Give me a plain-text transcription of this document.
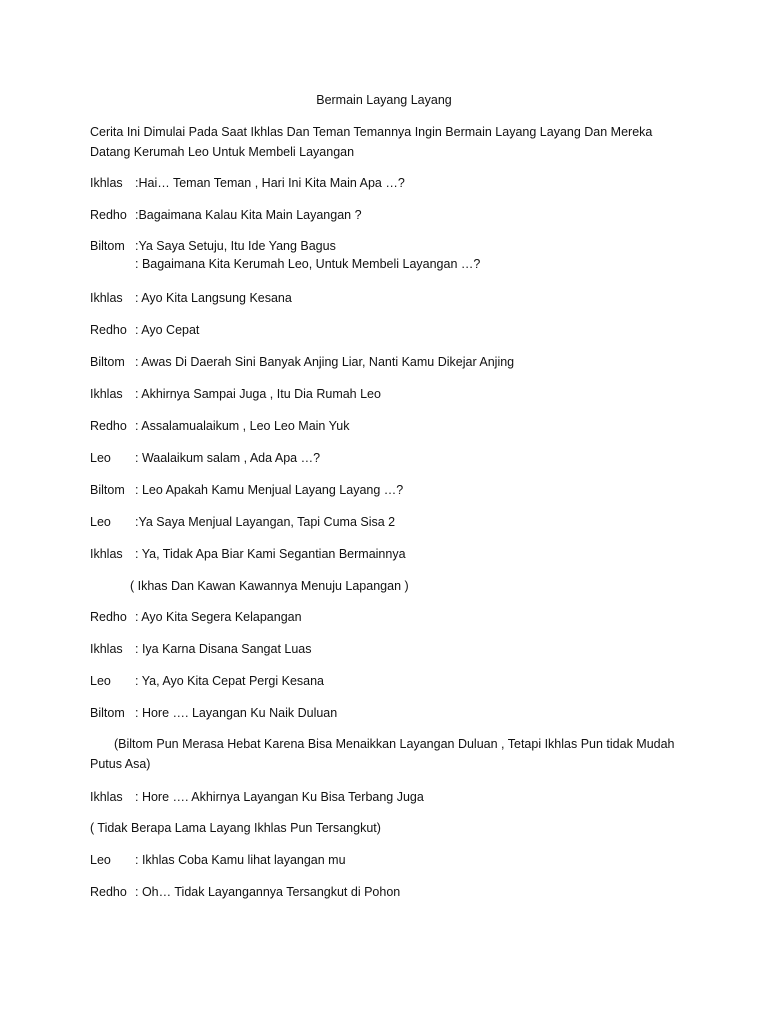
Bermain Layang Layang
Cerita Ini Dimulai Pada Saat Ikhlas Dan Teman Temannya Ingin Bermain Layang Layang Dan Mereka Datang Kerumah Leo Untuk Membeli Layangan
Ikhlas :Hai… Teman Teman , Hari Ini Kita Main Apa …?
Redho :Bagaimana Kalau Kita Main Layangan ?
Biltom :Ya Saya Setuju, Itu Ide Yang Bagus
: Bagaimana Kita Kerumah Leo, Untuk Membeli Layangan …?
Ikhlas : Ayo Kita Langsung Kesana
Redho : Ayo Cepat
Biltom : Awas Di Daerah Sini Banyak Anjing Liar, Nanti Kamu Dikejar Anjing
Ikhlas : Akhirnya Sampai Juga , Itu Dia Rumah Leo
Redho : Assalamualaikum , Leo Leo Main Yuk
Leo	: Waalaikum salam , Ada Apa …?
Biltom : Leo Apakah Kamu Menjual Layang Layang …?
Leo	:Ya Saya Menjual Layangan, Tapi Cuma Sisa 2
Ikhlas : Ya, Tidak Apa Biar Kami Segantian Bermainnya
( Ikhas Dan Kawan Kawannya Menuju Lapangan )
Redho : Ayo Kita Segera Kelapangan
Ikhlas : Iya Karna Disana Sangat Luas
Leo	: Ya, Ayo Kita Cepat Pergi Kesana
Biltom : Hore …. Layangan Ku Naik Duluan
(Biltom Pun Merasa Hebat Karena Bisa Menaikkan Layangan Duluan , Tetapi Ikhlas Pun tidak Mudah Putus Asa)
Ikhlas : Hore …. Akhirnya Layangan Ku Bisa Terbang Juga
( Tidak Berapa Lama Layang Ikhlas Pun Tersangkut)
Leo	: Ikhlas Coba Kamu lihat layangan mu
Redho : Oh… Tidak Layangannya Tersangkut di Pohon
